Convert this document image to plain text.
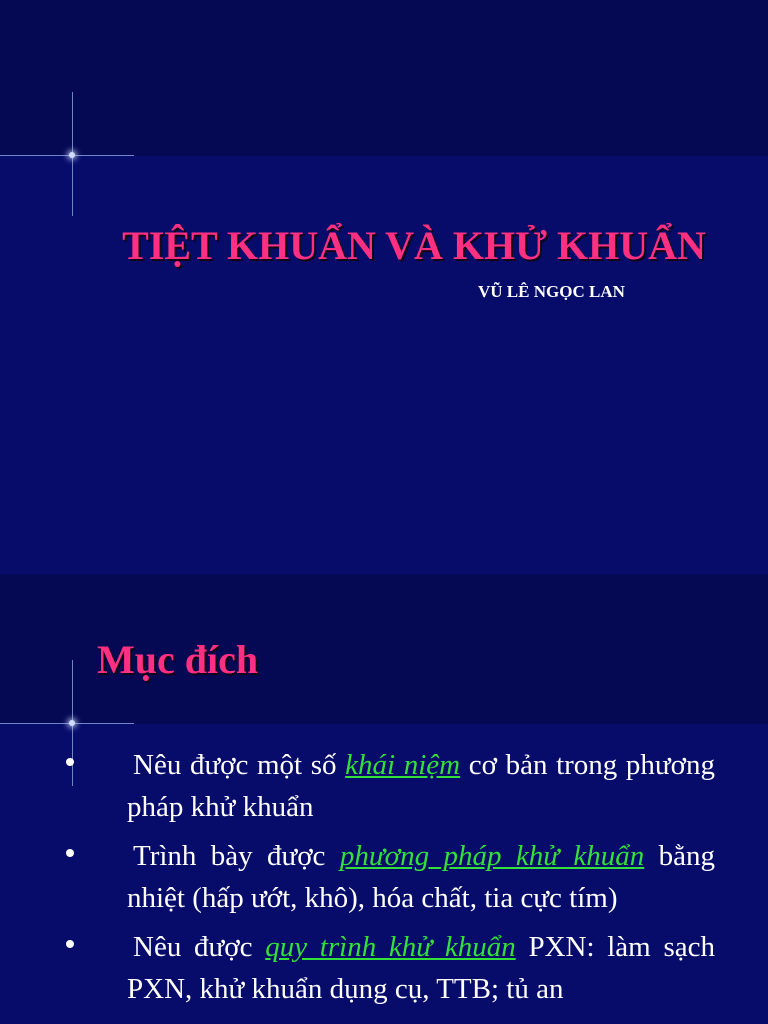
TIỆT KHUẨN VÀ KHỬ KHUẨN

VŨ LÊ NGỌC LAN

Mục đích
Nêu được một số khái niệm cơ bản trong phương pháp khử khuẩn
Trình bày được phương pháp khử khuẩn bằng nhiệt (hấp ướt, khô), hóa chất, tia cực tím)
Nêu được quy trình khử khuẩn PXN: làm sạch PXN, khử khuẩn dụng cụ, TTB; tủ an
